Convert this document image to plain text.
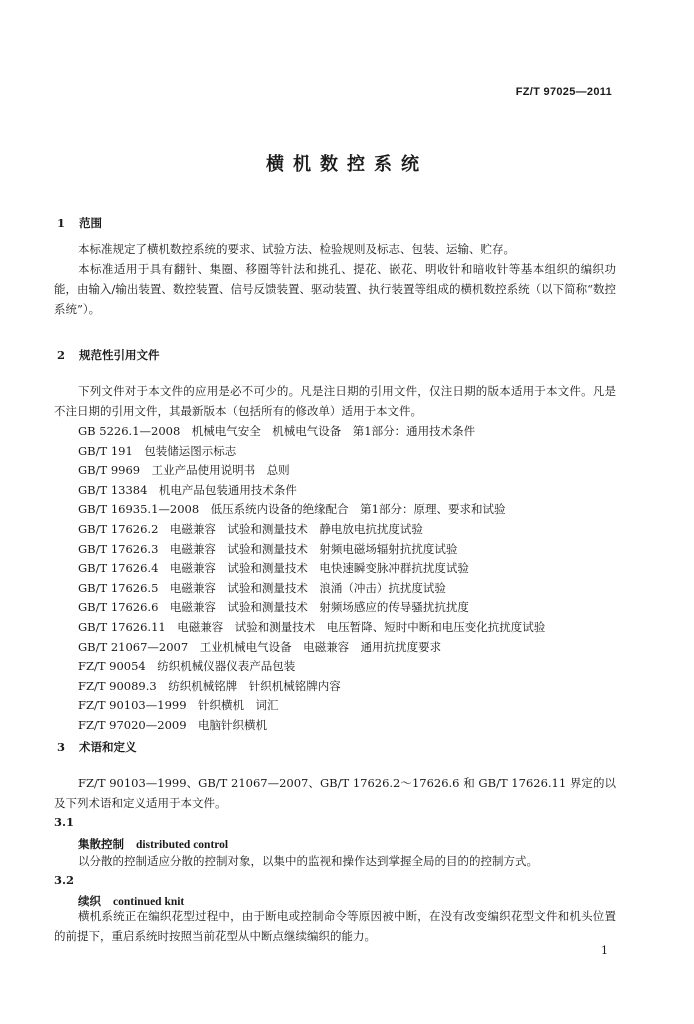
FZ/T 97025—2011
横机数控系统
1 范围

本标准规定了横机数控系统的要求、试验方法、检验规则及标志、包装、运输、贮存。

本标准适用于具有翻针、集圈、移圈等针法和挑孔、提花、嵌花、明收针和暗收针等基本组织的编织功能，由输入/输出装置、数控装置、信号反馈装置、驱动装置、执行装置等组成的横机数控系统（以下简称“数控系统”）。

2 规范性引用文件

下列文件对于本文件的应用是必不可少的。凡是注日期的引用文件，仅注日期的版本适用于本文件。凡是不注日期的引用文件，其最新版本（包括所有的修改单）适用于本文件。

GB 5226.1—2008　机械电气安全　机械电气设备　第1部分：通用技术条件
GB/T 191　包装储运图示标志
GB/T 9969　工业产品使用说明书　总则
GB/T 13384　机电产品包装通用技术条件
GB/T 16935.1—2008　低压系统内设备的绝缘配合　第1部分：原理、要求和试验
GB/T 17626.2　电磁兼容　试验和测量技术　静电放电抗扰度试验
GB/T 17626.3　电磁兼容　试验和测量技术　射频电磁场辐射抗扰度试验
GB/T 17626.4　电磁兼容　试验和测量技术　电快速瞬变脉冲群抗扰度试验
GB/T 17626.5　电磁兼容　试验和测量技术　浪涌（冲击）抗扰度试验
GB/T 17626.6　电磁兼容　试验和测量技术　射频场感应的传导骚扰抗扰度
GB/T 17626.11　电磁兼容　试验和测量技术　电压暂降、短时中断和电压变化抗扰度试验
GB/T 21067—2007　工业机械电气设备　电磁兼容　通用抗扰度要求
FZ/T 90054　纺织机械仪器仪表产品包装
FZ/T 90089.3　纺织机械铭牌　针织机械铭牌内容
FZ/T 90103—1999　针织横机　词汇
FZ/T 97020—2009　电脑针织横机
3 术语和定义

FZ/T 90103—1999、GB/T 21067—2007、GB/T 17626.2～17626.6 和 GB/T 17626.11 界定的以及下列术语和定义适用于本文件。

3.1
集散控制 distributed control
以分散的控制适应分散的控制对象，以集中的监视和操作达到掌握全局的目的的控制方式。
3.2
续织 continued knit

横机系统正在编织花型过程中，由于断电或控制命令等原因被中断，在没有改变编织花型文件和机头位置的前提下，重启系统时按照当前花型从中断点继续编织的能力。

1
